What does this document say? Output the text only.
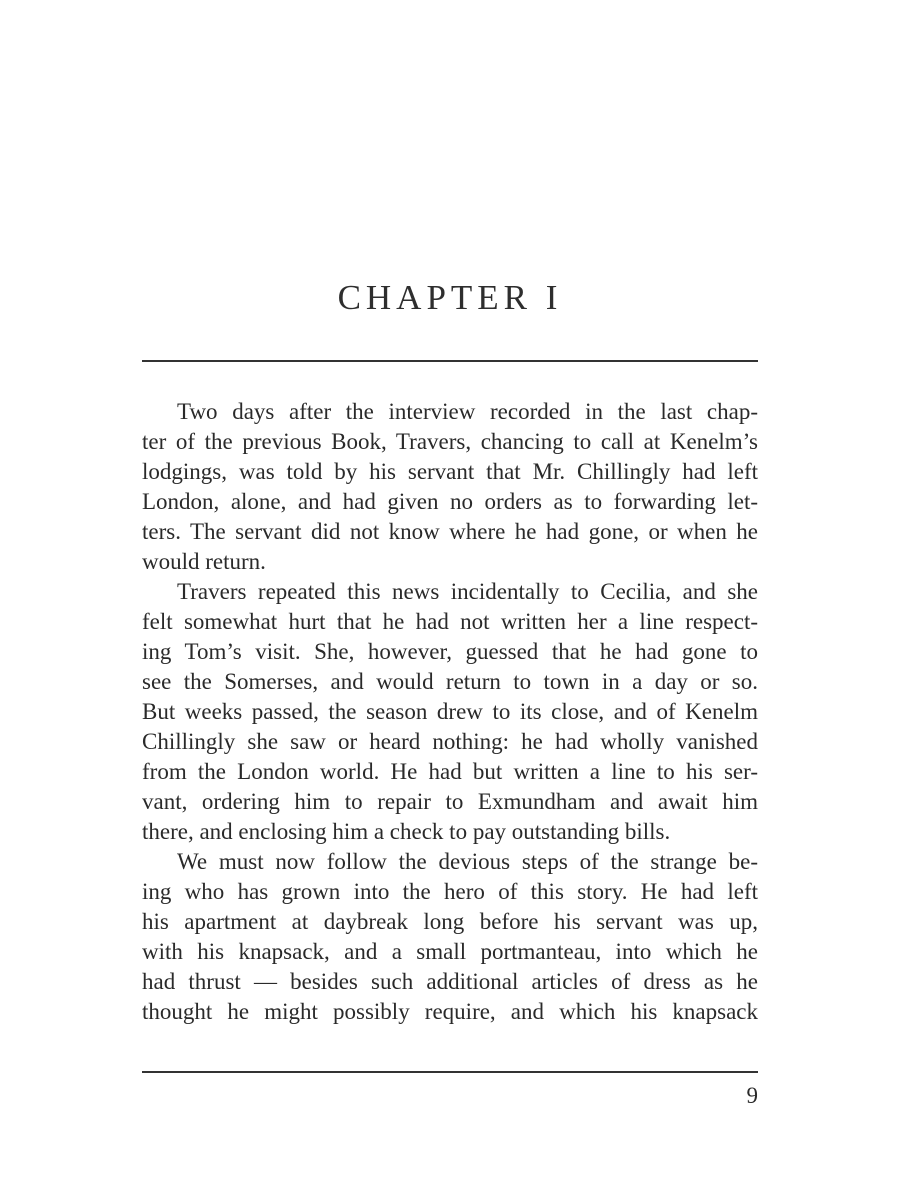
CHAPTER I
Two days after the interview recorded in the last chap-
ter of the previous Book, Travers, chancing to call at Kenelm’s
lodgings, was told by his servant that Mr. Chillingly had left
London, alone, and had given no orders as to forwarding let-
ters. The servant did not know where he had gone, or when he
would return.
Travers repeated this news incidentally to Cecilia, and she
felt somewhat hurt that he had not written her a line respect-
ing Tom’s visit. She, however, guessed that he had gone to
see the Somerses, and would return to town in a day or so.
But weeks passed, the season drew to its close, and of Kenelm
Chillingly she saw or heard nothing: he had wholly vanished
from the London world. He had but written a line to his ser-
vant, ordering him to repair to Exmundham and await him
there, and enclosing him a check to pay outstanding bills.
We must now follow the devious steps of the strange be-
ing who has grown into the hero of this story. He had left
his apartment at daybreak long before his servant was up,
with his knapsack, and a small portmanteau, into which he
had thrust — besides such additional articles of dress as he
thought he might possibly require, and which his knapsack
9
